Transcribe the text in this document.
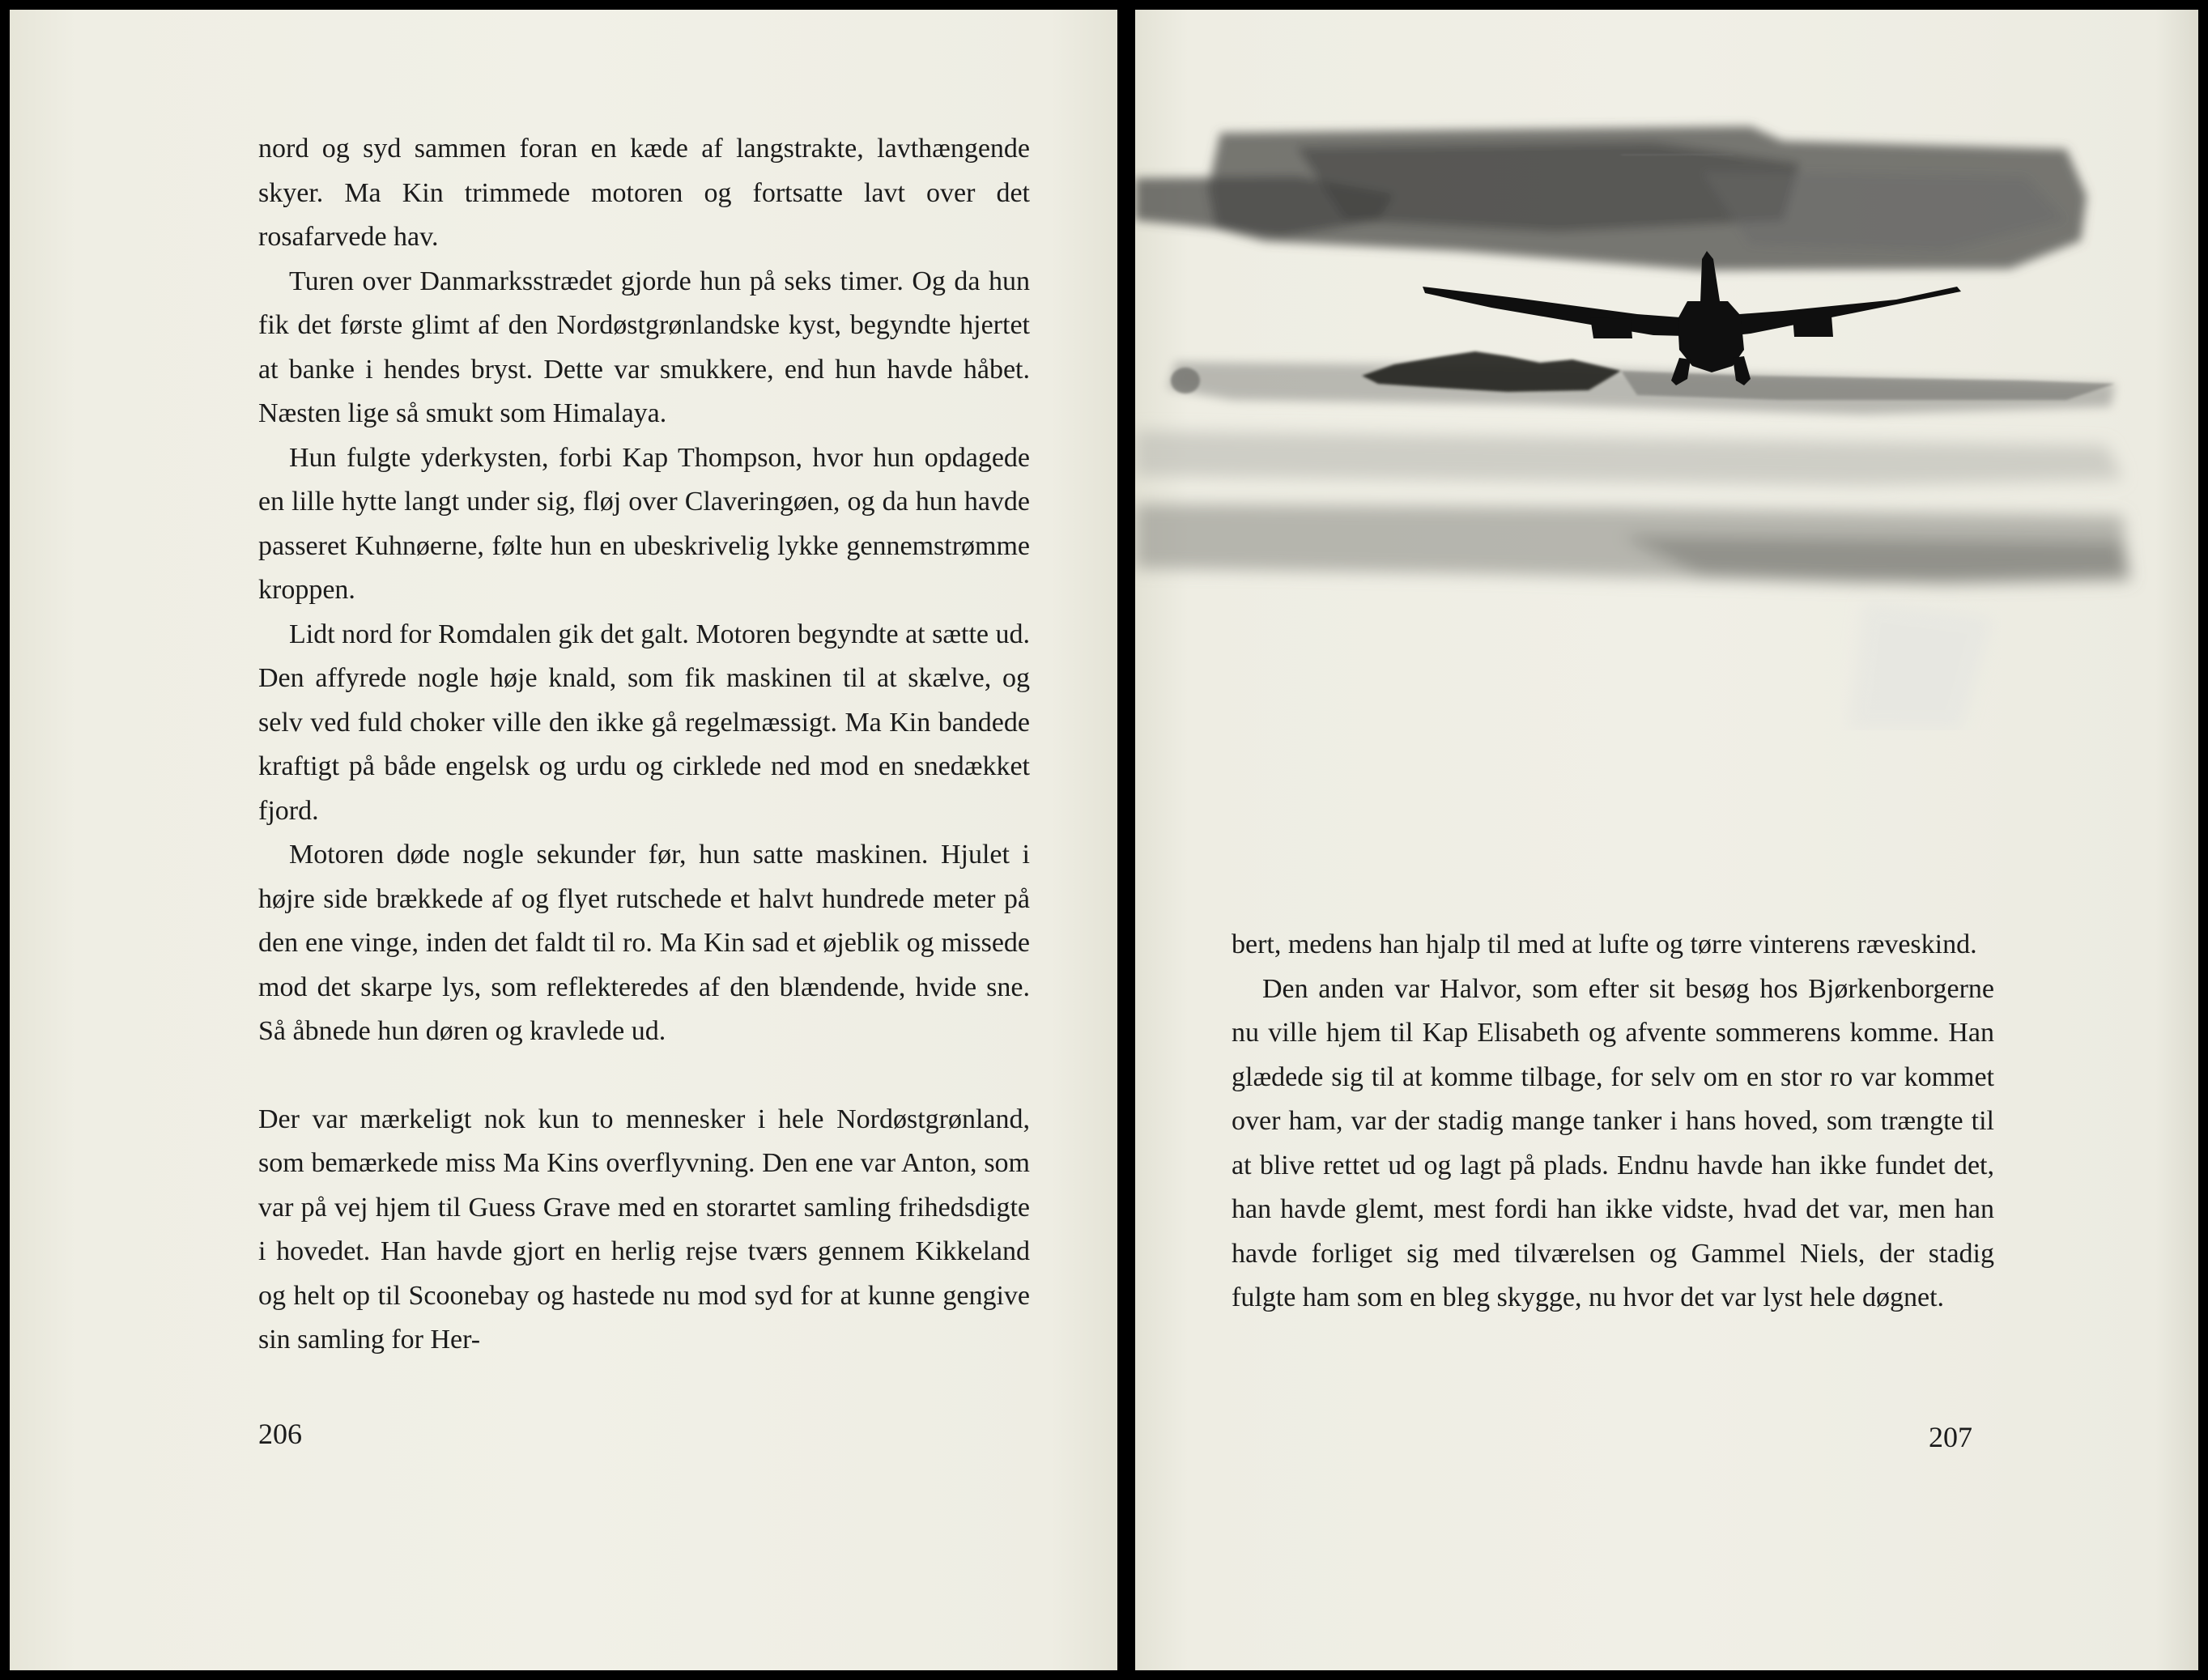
nord og syd sammen foran en kæde af langstrakte, lavthængende skyer. Ma Kin trimmede motoren og fortsatte lavt over det rosafarvede hav.

Turen over Danmarksstrædet gjorde hun på seks timer. Og da hun fik det første glimt af den Nordøstgrønlandske kyst, begyndte hjertet at banke i hendes bryst. Dette var smukkere, end hun havde håbet. Næsten lige så smukt som Himalaya.

Hun fulgte yderkysten, forbi Kap Thompson, hvor hun opdagede en lille hytte langt under sig, fløj over Claveringøen, og da hun havde passeret Kuhnøerne, følte hun en ubeskrivelig lykke gennemstrømme kroppen.

Lidt nord for Romdalen gik det galt. Motoren begyndte at sætte ud. Den affyrede nogle høje knald, som fik maskinen til at skælve, og selv ved fuld choker ville den ikke gå regelmæssigt. Ma Kin bandede kraftigt på både engelsk og urdu og cirklede ned mod en snedækket fjord.

Motoren døde nogle sekunder før, hun satte maskinen. Hjulet i højre side brækkede af og flyet rutschede et halvt hundrede meter på den ene vinge, inden det faldt til ro. Ma Kin sad et øjeblik og missede mod det skarpe lys, som reflekteredes af den blændende, hvide sne. Så åbnede hun døren og kravlede ud.

Der var mærkeligt nok kun to mennesker i hele Nordøstgrønland, som bemærkede miss Ma Kins overflyvning. Den ene var Anton, som var på vej hjem til Guess Grave med en storartet samling frihedsdigte i hovedet. Han havde gjort en herlig rejse tværs gennem Kikkeland og helt op til Scoonebay og hastede nu mod syd for at kunne gengive sin samling for Her-

206

bert, medens han hjalp til med at lufte og tørre vinterens ræveskind.

Den anden var Halvor, som efter sit besøg hos Bjørkenborgerne nu ville hjem til Kap Elisabeth og afvente sommerens komme. Han glædede sig til at komme tilbage, for selv om en stor ro var kommet over ham, var der stadig mange tanker i hans hoved, som trængte til at blive rettet ud og lagt på plads. Endnu havde han ikke fundet det, han havde glemt, mest fordi han ikke vidste, hvad det var, men han havde forliget sig med tilværelsen og Gammel Niels, der stadig fulgte ham som en bleg skygge, nu hvor det var lyst hele døgnet.

207
